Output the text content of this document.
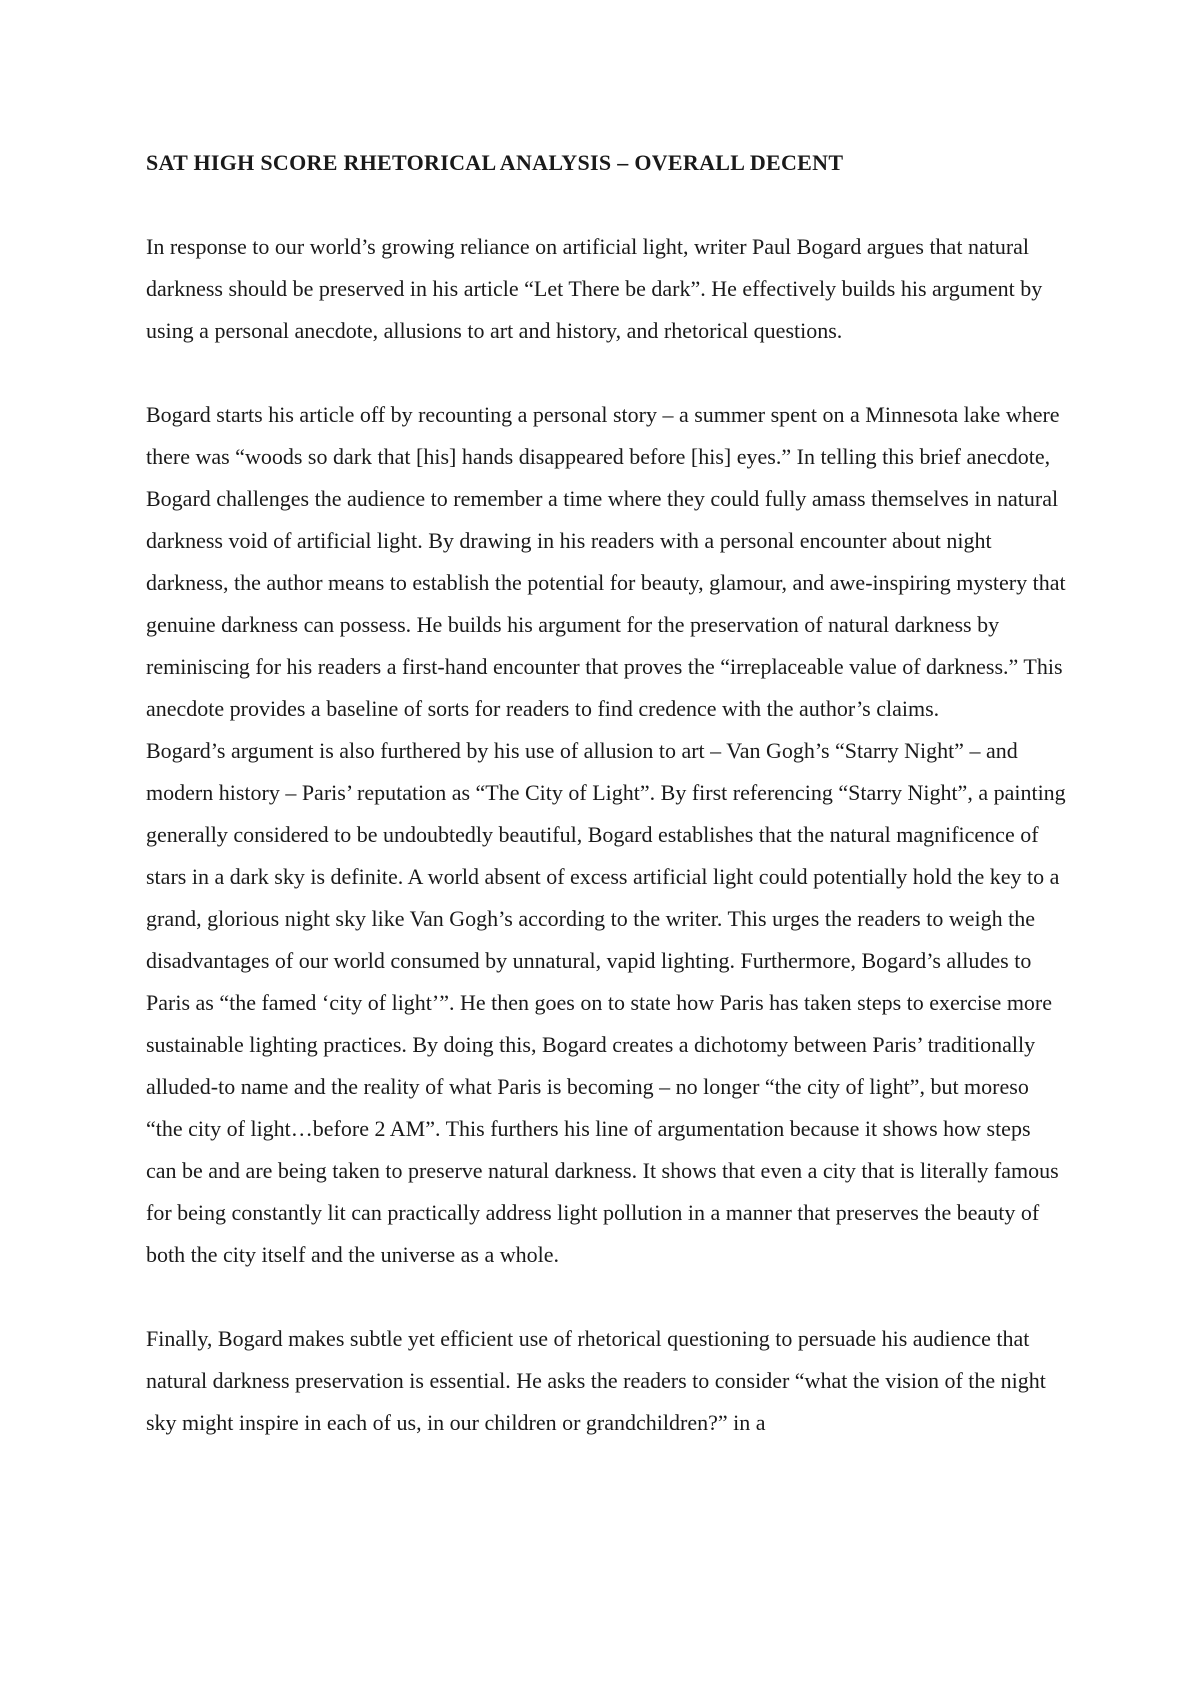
SAT HIGH SCORE RHETORICAL ANALYSIS – OVERALL DECENT

In response to our world’s growing reliance on artificial light, writer Paul Bogard argues that natural darkness should be preserved in his article “Let There be dark”. He effectively builds his argument by using a personal anecdote, allusions to art and history, and rhetorical questions.

Bogard starts his article off by recounting a personal story – a summer spent on a Minnesota lake where there was “woods so dark that [his] hands disappeared before [his] eyes.” In telling this brief anecdote, Bogard challenges the audience to remember a time where they could fully amass themselves in natural darkness void of artificial light. By drawing in his readers with a personal encounter about night darkness, the author means to establish the potential for beauty, glamour, and awe-inspiring mystery that genuine darkness can possess. He builds his argument for the preservation of natural darkness by reminiscing for his readers a first-hand encounter that proves the “irreplaceable value of darkness.” This anecdote provides a baseline of sorts for readers to find credence with the author’s claims.

Bogard’s argument is also furthered by his use of allusion to art – Van Gogh’s “Starry Night” – and modern history – Paris’ reputation as “The City of Light”. By first referencing “Starry Night”, a painting generally considered to be undoubtedly beautiful, Bogard establishes that the natural magnificence of stars in a dark sky is definite. A world absent of excess artificial light could potentially hold the key to a grand, glorious night sky like Van Gogh’s according to the writer. This urges the readers to weigh the disadvantages of our world consumed by unnatural, vapid lighting. Furthermore, Bogard’s alludes to Paris as “the famed ‘city of light’”. He then goes on to state how Paris has taken steps to exercise more sustainable lighting practices. By doing this, Bogard creates a dichotomy between Paris’ traditionally alluded-to name and the reality of what Paris is becoming – no longer “the city of light”, but moreso “the city of light…before 2 AM”. This furthers his line of argumentation because it shows how steps can be and are being taken to preserve natural darkness. It shows that even a city that is literally famous for being constantly lit can practically address light pollution in a manner that preserves the beauty of both the city itself and the universe as a whole.

Finally, Bogard makes subtle yet efficient use of rhetorical questioning to persuade his audience that natural darkness preservation is essential. He asks the readers to consider “what the vision of the night sky might inspire in each of us, in our children or grandchildren?” in a
